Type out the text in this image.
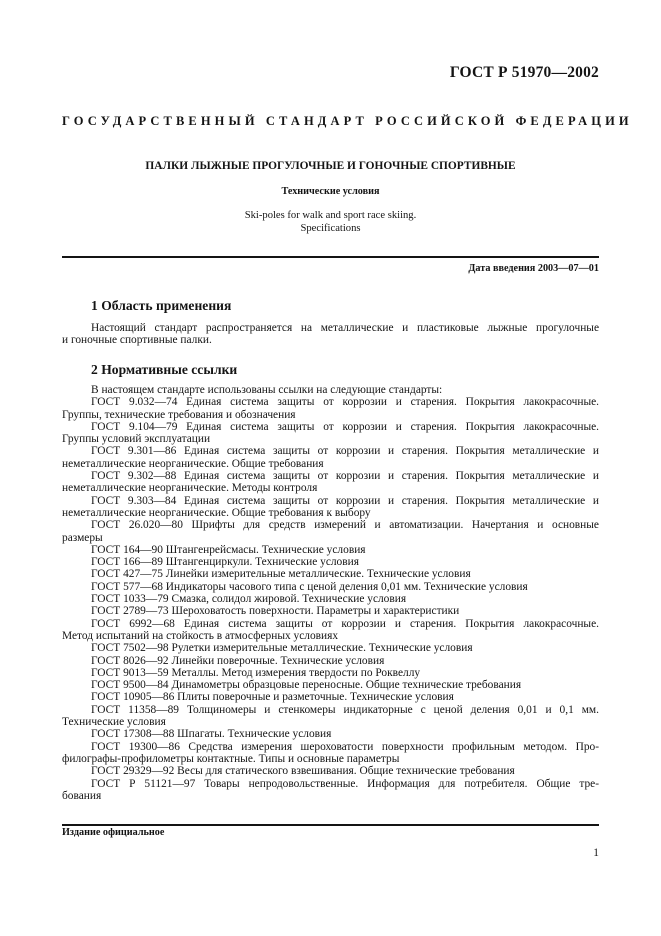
ГОСТ Р 51970—2002
ГОСУДАРСТВЕННЫЙ СТАНДАРТ РОССИЙСКОЙ ФЕДЕРАЦИИ
ПАЛКИ ЛЫЖНЫЕ ПРОГУЛОЧНЫЕ И ГОНОЧНЫЕ СПОРТИВНЫЕ
Технические условия
Ski-poles for walk and sport race skiing.
Specifications
Дата введения 2003—07—01
1 Область применения
Настоящий стандарт распространяется на металлические и пластиковые лыжные прогулочные
и гоночные спортивные палки.
2 Нормативные ссылки
В настоящем стандарте использованы ссылки на следующие стандарты:
ГОСТ 9.032—74 Единая система защиты от коррозии и старения. Покрытия лакокрасочные.
Группы, технические требования и обозначения
ГОСТ 9.104—79 Единая система защиты от коррозии и старения. Покрытия лакокрасочные.
Группы условий эксплуатации
ГОСТ 9.301—86 Единая система защиты от коррозии и старения. Покрытия металлические и
неметаллические неорганические. Общие требования
ГОСТ 9.302—88 Единая система защиты от коррозии и старения. Покрытия металлические и
неметаллические неорганические. Методы контроля
ГОСТ 9.303—84 Единая система защиты от коррозии и старения. Покрытия металлические и
неметаллические неорганические. Общие требования к выбору
ГОСТ 26.020—80 Шрифты для средств измерений и автоматизации. Начертания и основные
размеры
ГОСТ 164—90 Штангенрейсмасы. Технические условия
ГОСТ 166—89 Штангенциркули. Технические условия
ГОСТ 427—75 Линейки измерительные металлические. Технические условия
ГОСТ 577—68 Индикаторы часового типа с ценой деления 0,01 мм. Технические условия
ГОСТ 1033—79 Смазка, солидол жировой. Технические условия
ГОСТ 2789—73 Шероховатость поверхности. Параметры и характеристики
ГОСТ 6992—68 Единая система защиты от коррозии и старения. Покрытия лакокрасочные.
Метод испытаний на стойкость в атмосферных условиях
ГОСТ 7502—98 Рулетки измерительные металлические. Технические условия
ГОСТ 8026—92 Линейки поверочные. Технические условия
ГОСТ 9013—59 Металлы. Метод измерения твердости по Роквеллу
ГОСТ 9500—84 Динамометры образцовые переносные. Общие технические требования
ГОСТ 10905—86 Плиты поверочные и разметочные. Технические условия
ГОСТ 11358—89 Толщиномеры и стенкомеры индикаторные с ценой деления 0,01 и 0,1 мм.
Технические условия
ГОСТ 17308—88 Шпагаты. Технические условия
ГОСТ 19300—86 Средства измерения шероховатости поверхности профильным методом. Про-
филографы-профилометры контактные. Типы и основные параметры
ГОСТ 29329—92 Весы для статического взвешивания. Общие технические требования
ГОСТ Р 51121—97 Товары непродовольственные. Информация для потребителя. Общие тре-
бования
Издание официальное
1
